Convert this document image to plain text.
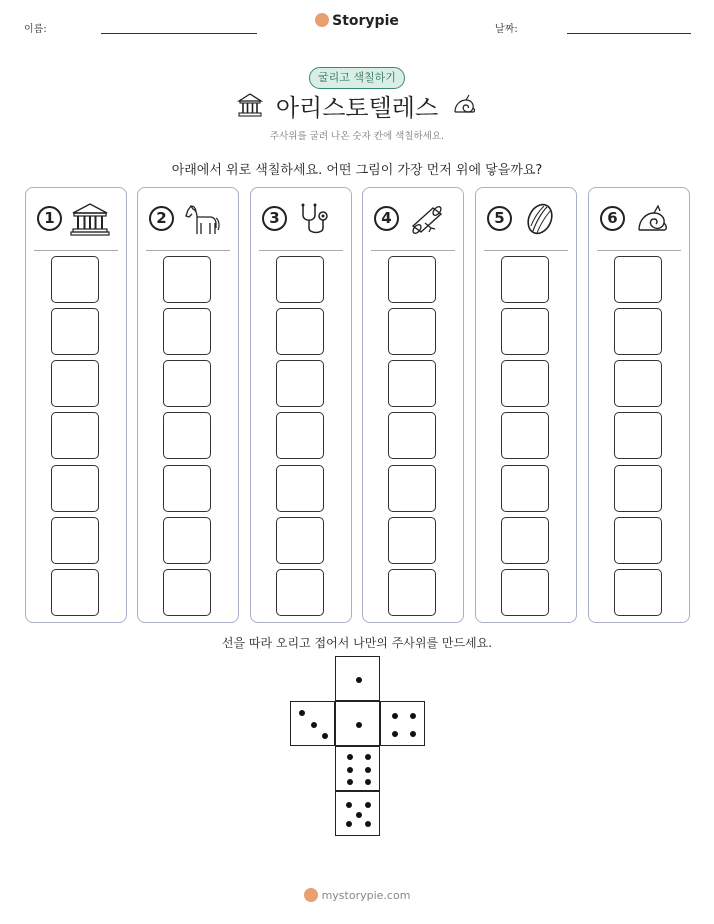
이름:
Storypie
날짜:
굴리고 색칠하기
아리스토텔레스
주사위를 굴려 나온 숫자 칸에 색칠하세요.
아래에서 위로 색칠하세요. 어떤 그림이 가장 먼저 위에 닿을까요?
1	2	3	4	5	6
선을 따라 오리고 접어서 나만의 주사위를 만드세요.
mystorypie.com
